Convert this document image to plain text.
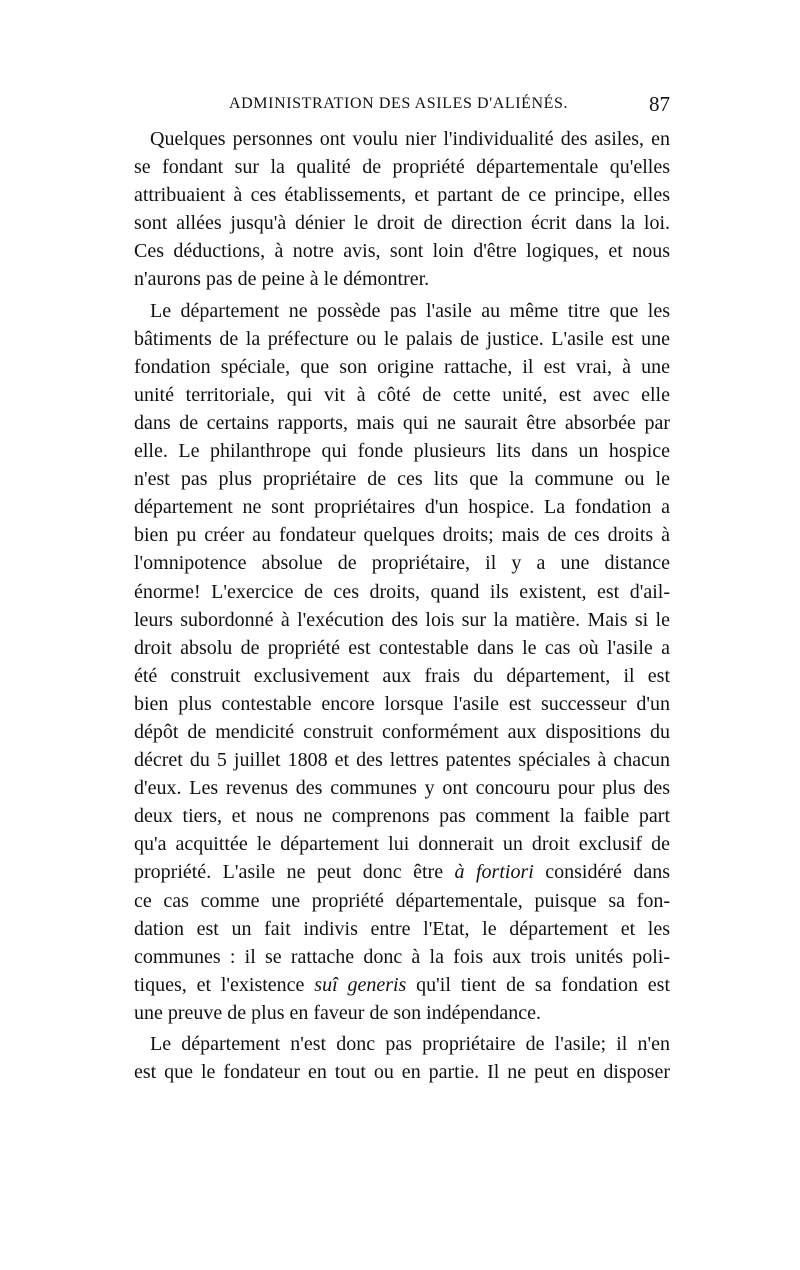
ADMINISTRATION DES ASILES D'ALIÉNÉS.	87
Quelques personnes ont voulu nier l'individualité des asiles, en
se fondant sur la qualité de propriété départementale qu'elles
attribuaient à ces établissements, et partant de ce principe, elles
sont allées jusqu'à dénier le droit de direction écrit dans la loi.
Ces déductions, à notre avis, sont loin d'être logiques, et nous
n'aurons pas de peine à le démontrer.
Le département ne possède pas l'asile au même titre que les
bâtiments de la préfecture ou le palais de justice. L'asile est une
fondation spéciale, que son origine rattache, il est vrai, à une
unité territoriale, qui vit à côté de cette unité, est avec elle
dans de certains rapports, mais qui ne saurait être absorbée par
elle. Le philanthrope qui fonde plusieurs lits dans un hospice
n'est pas plus propriétaire de ces lits que la commune ou le
département ne sont propriétaires d'un hospice. La fondation a
bien pu créer au fondateur quelques droits; mais de ces droits à
l'omnipotence absolue de propriétaire, il y a une distance
énorme! L'exercice de ces droits, quand ils existent, est d'ail-
leurs subordonné à l'exécution des lois sur la matière. Mais si le
droit absolu de propriété est contestable dans le cas où l'asile a
été construit exclusivement aux frais du département, il est
bien plus contestable encore lorsque l'asile est successeur d'un
dépôt de mendicité construit conformément aux dispositions du
décret du 5 juillet 1808 et des lettres patentes spéciales à chacun
d'eux. Les revenus des communes y ont concouru pour plus des
deux tiers, et nous ne comprenons pas comment la faible part
qu'a acquittée le département lui donnerait un droit exclusif de
propriété. L'asile ne peut donc être à fortiori considéré dans
ce cas comme une propriété départementale, puisque sa fon-
dation est un fait indivis entre l'Etat, le département et les
communes : il se rattache donc à la fois aux trois unités poli-
tiques, et l'existence suî generis qu'il tient de sa fondation est
une preuve de plus en faveur de son indépendance.
Le département n'est donc pas propriétaire de l'asile; il n'en
est que le fondateur en tout ou en partie. Il ne peut en disposer
